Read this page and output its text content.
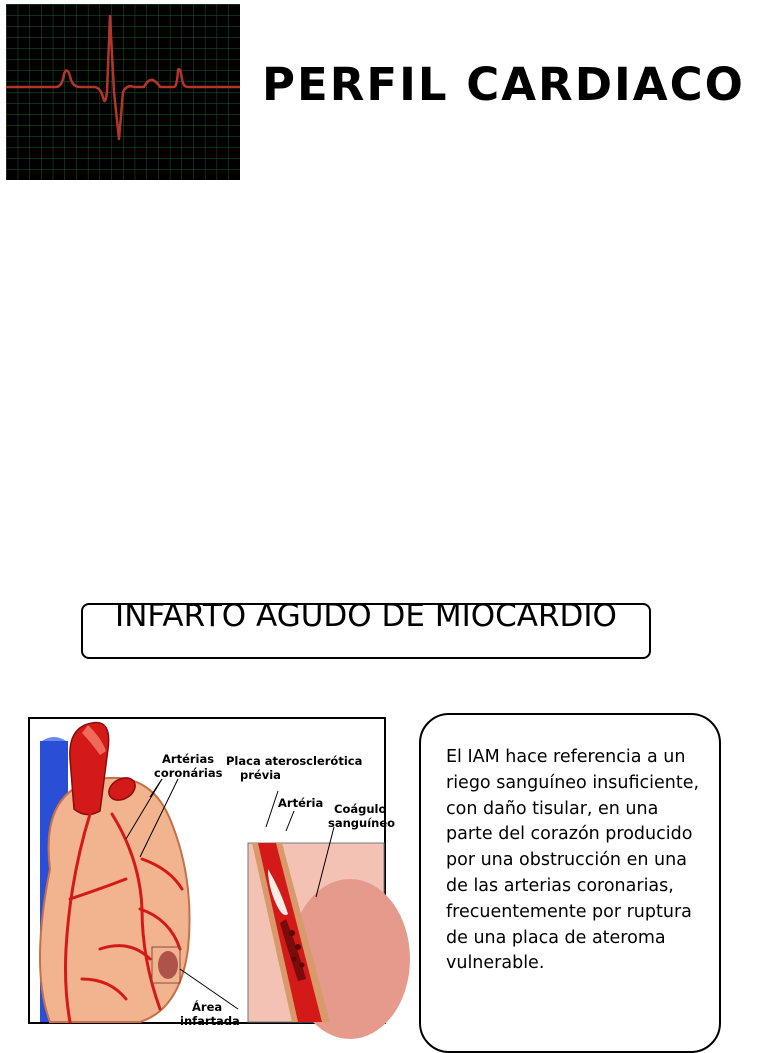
PERFIL CARDIACO
INFARTO AGUDO DE MIOCARDIO
Artérias
coronárias
Placa aterosclerótica
prévia
Artéria Coágulo
sanguíneo
Área
infartada

El IAM hace referencia a un riego sanguíneo insuficiente, con daño tisular, en una parte del corazón producido por una obstrucción en una de las arterias coronarias, frecuentemente por ruptura de una placa de ateroma vulnerable.
